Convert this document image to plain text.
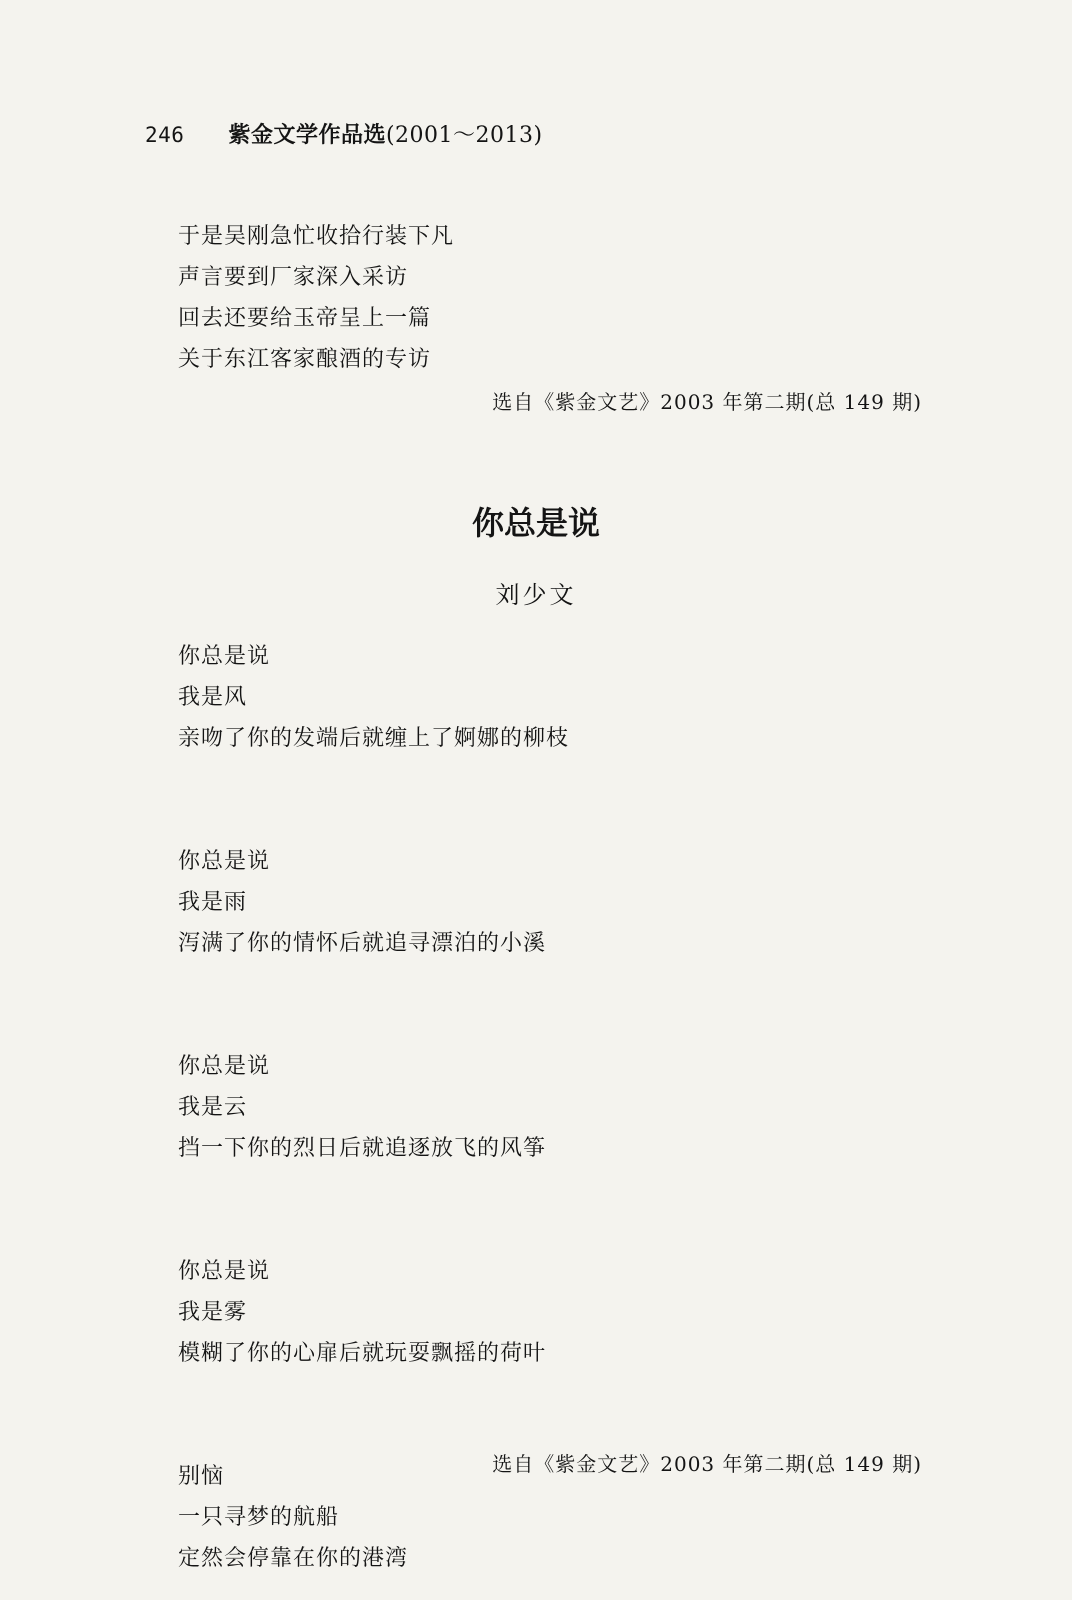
246 紫金文学作品选(2001～2013)
于是吴刚急忙收拾行装下凡
声言要到厂家深入采访
回去还要给玉帝呈上一篇
关于东江客家酿酒的专访
选自《紫金文艺》2003 年第二期(总 149 期)
你总是说
刘少文
你总是说
我是风
亲吻了你的发端后就缠上了婀娜的柳枝
你总是说
我是雨
泻满了你的情怀后就追寻漂泊的小溪
你总是说
我是云
挡一下你的烈日后就追逐放飞的风筝
你总是说
我是雾
模糊了你的心扉后就玩耍飘摇的荷叶
别恼
一只寻梦的航船
定然会停靠在你的港湾
选自《紫金文艺》2003 年第二期(总 149 期)
